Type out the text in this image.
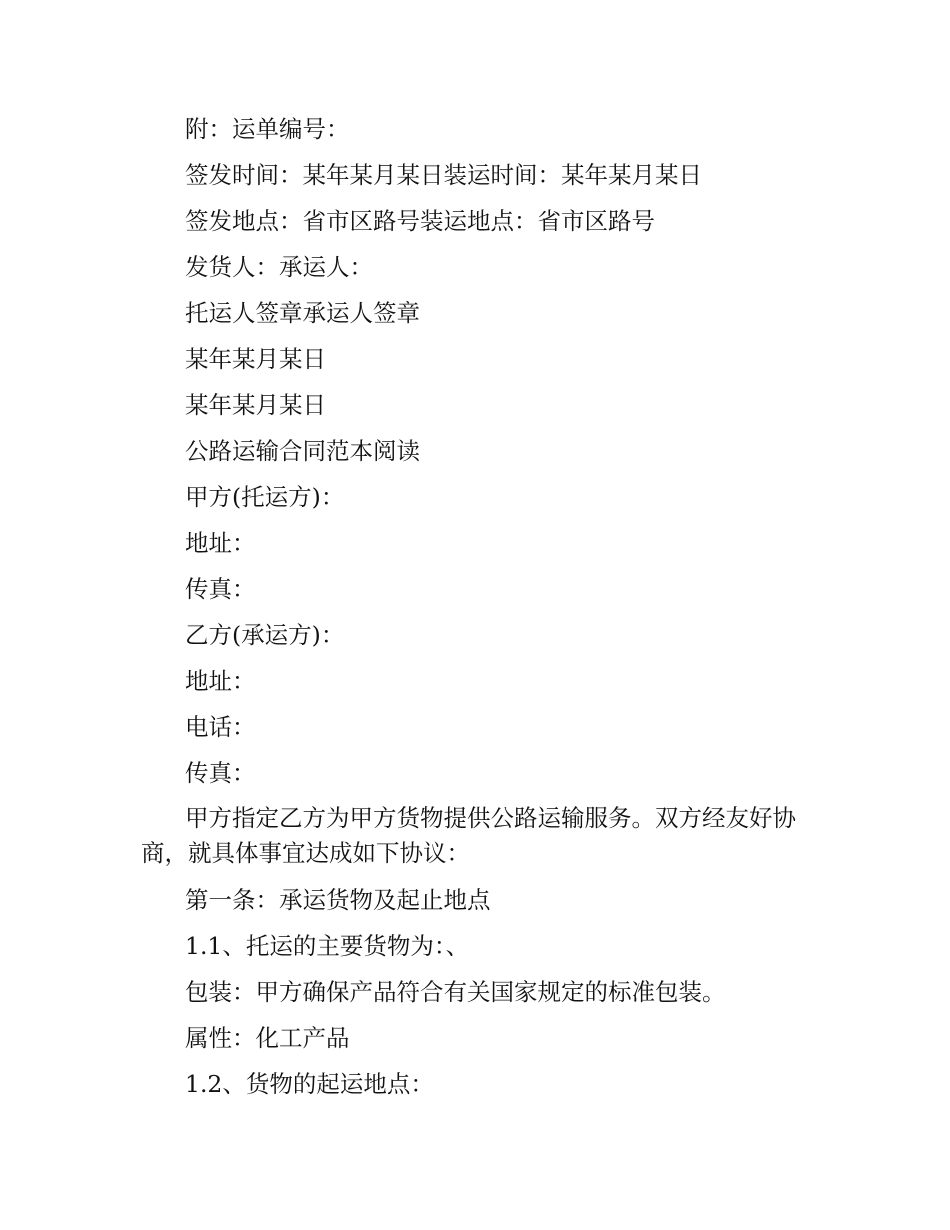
附：运单编号：

签发时间：某年某月某日装运时间：某年某月某日

签发地点：省市区路号装运地点：省市区路号

发货人：承运人：

托运人签章承运人签章

某年某月某日

某年某月某日

公路运输合同范本阅读

甲方(托运方)：

地址：

传真：

乙方(承运方)：

地址：

电话：

传真：

甲方指定乙方为甲方货物提供公路运输服务。双方经友好协商，就具体事宜达成如下协议：

第一条：承运货物及起止地点

1.1、托运的主要货物为：、

包装：甲方确保产品符合有关国家规定的标准包装。

属性：化工产品

1.2、货物的起运地点：
